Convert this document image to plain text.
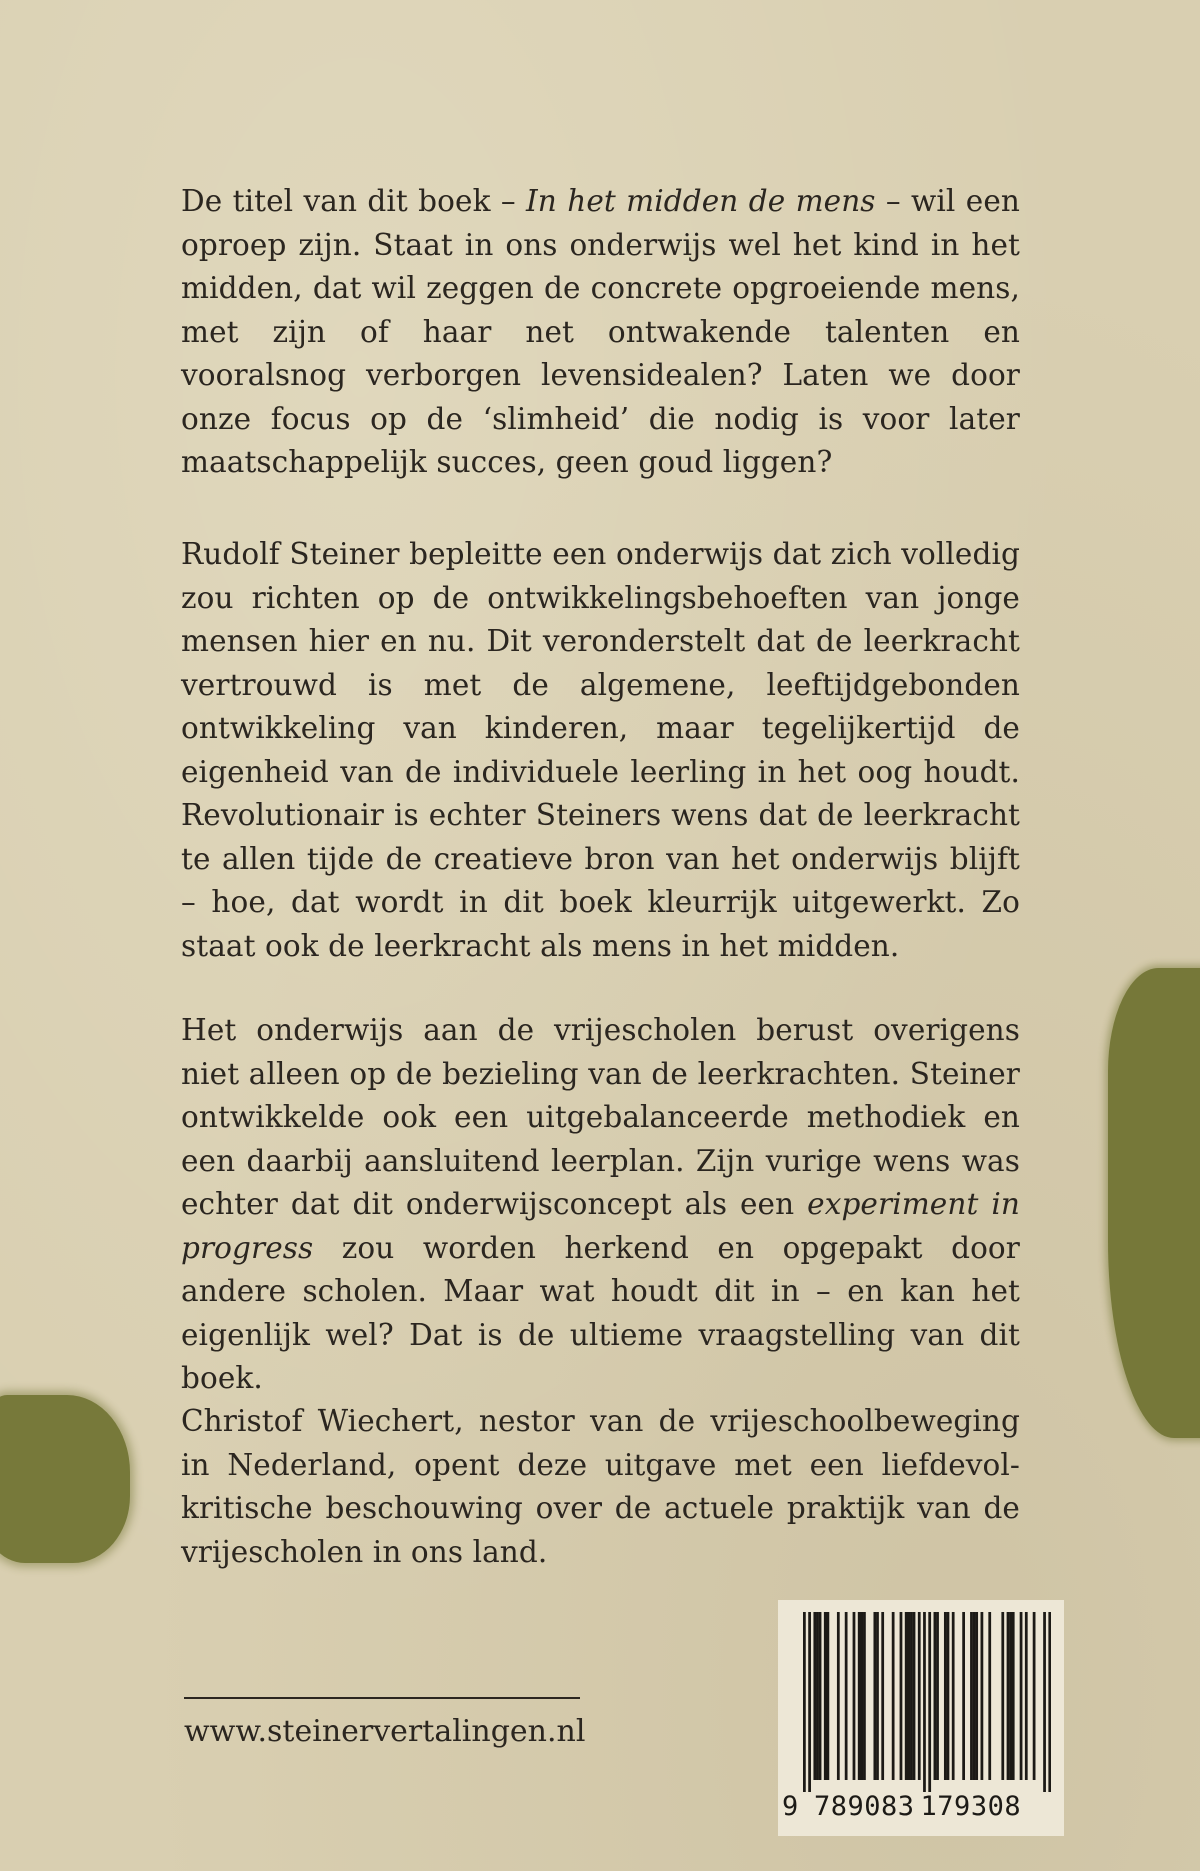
De titel van dit boek – In het midden de mens – wil een oproep zijn. Staat in ons onderwijs wel het kind in het midden, dat wil zeggen de concrete opgroeiende mens, met zijn of haar net ontwakende talenten en vooralsnog verborgen levensidealen? Laten we door onze focus op de ‘slimheid’ die nodig is voor later maatschappelijk succes, geen goud liggen?

Rudolf Steiner bepleitte een onderwijs dat zich volledig zou richten op de ontwikkelingsbehoeften van jonge mensen hier en nu. Dit veronderstelt dat de leerkracht vertrouwd is met de algemene, leeftijdgebonden ontwikkeling van kinderen, maar tegelijkertijd de eigenheid van de individuele leerling in het oog houdt. Revolutionair is echter Steiners wens dat de leerkracht te allen tijde de creatieve bron van het onderwijs blijft – hoe, dat wordt in dit boek kleurrijk uitgewerkt. Zo staat ook de leerkracht als mens in het midden.

Het onderwijs aan de vrijescholen berust overigens niet alleen op de bezieling van de leerkrachten. Steiner ontwikkelde ook een uitgebalanceerde methodiek en een daarbij aansluitend leerplan. Zijn vurige wens was echter dat dit onderwijsconcept als een experiment in progress zou worden herkend en opgepakt door andere scholen. Maar wat houdt dit in – en kan het eigenlijk wel? Dat is de ultieme vraagstelling van dit boek.

Christof Wiechert, nestor van de vrijeschoolbeweging in Nederland, opent deze uitgave met een liefdevol-kritische beschouwing over de actuele praktijk van de vrijescholen in ons land.

www.steinervertalingen.nl
9 789083 179308
